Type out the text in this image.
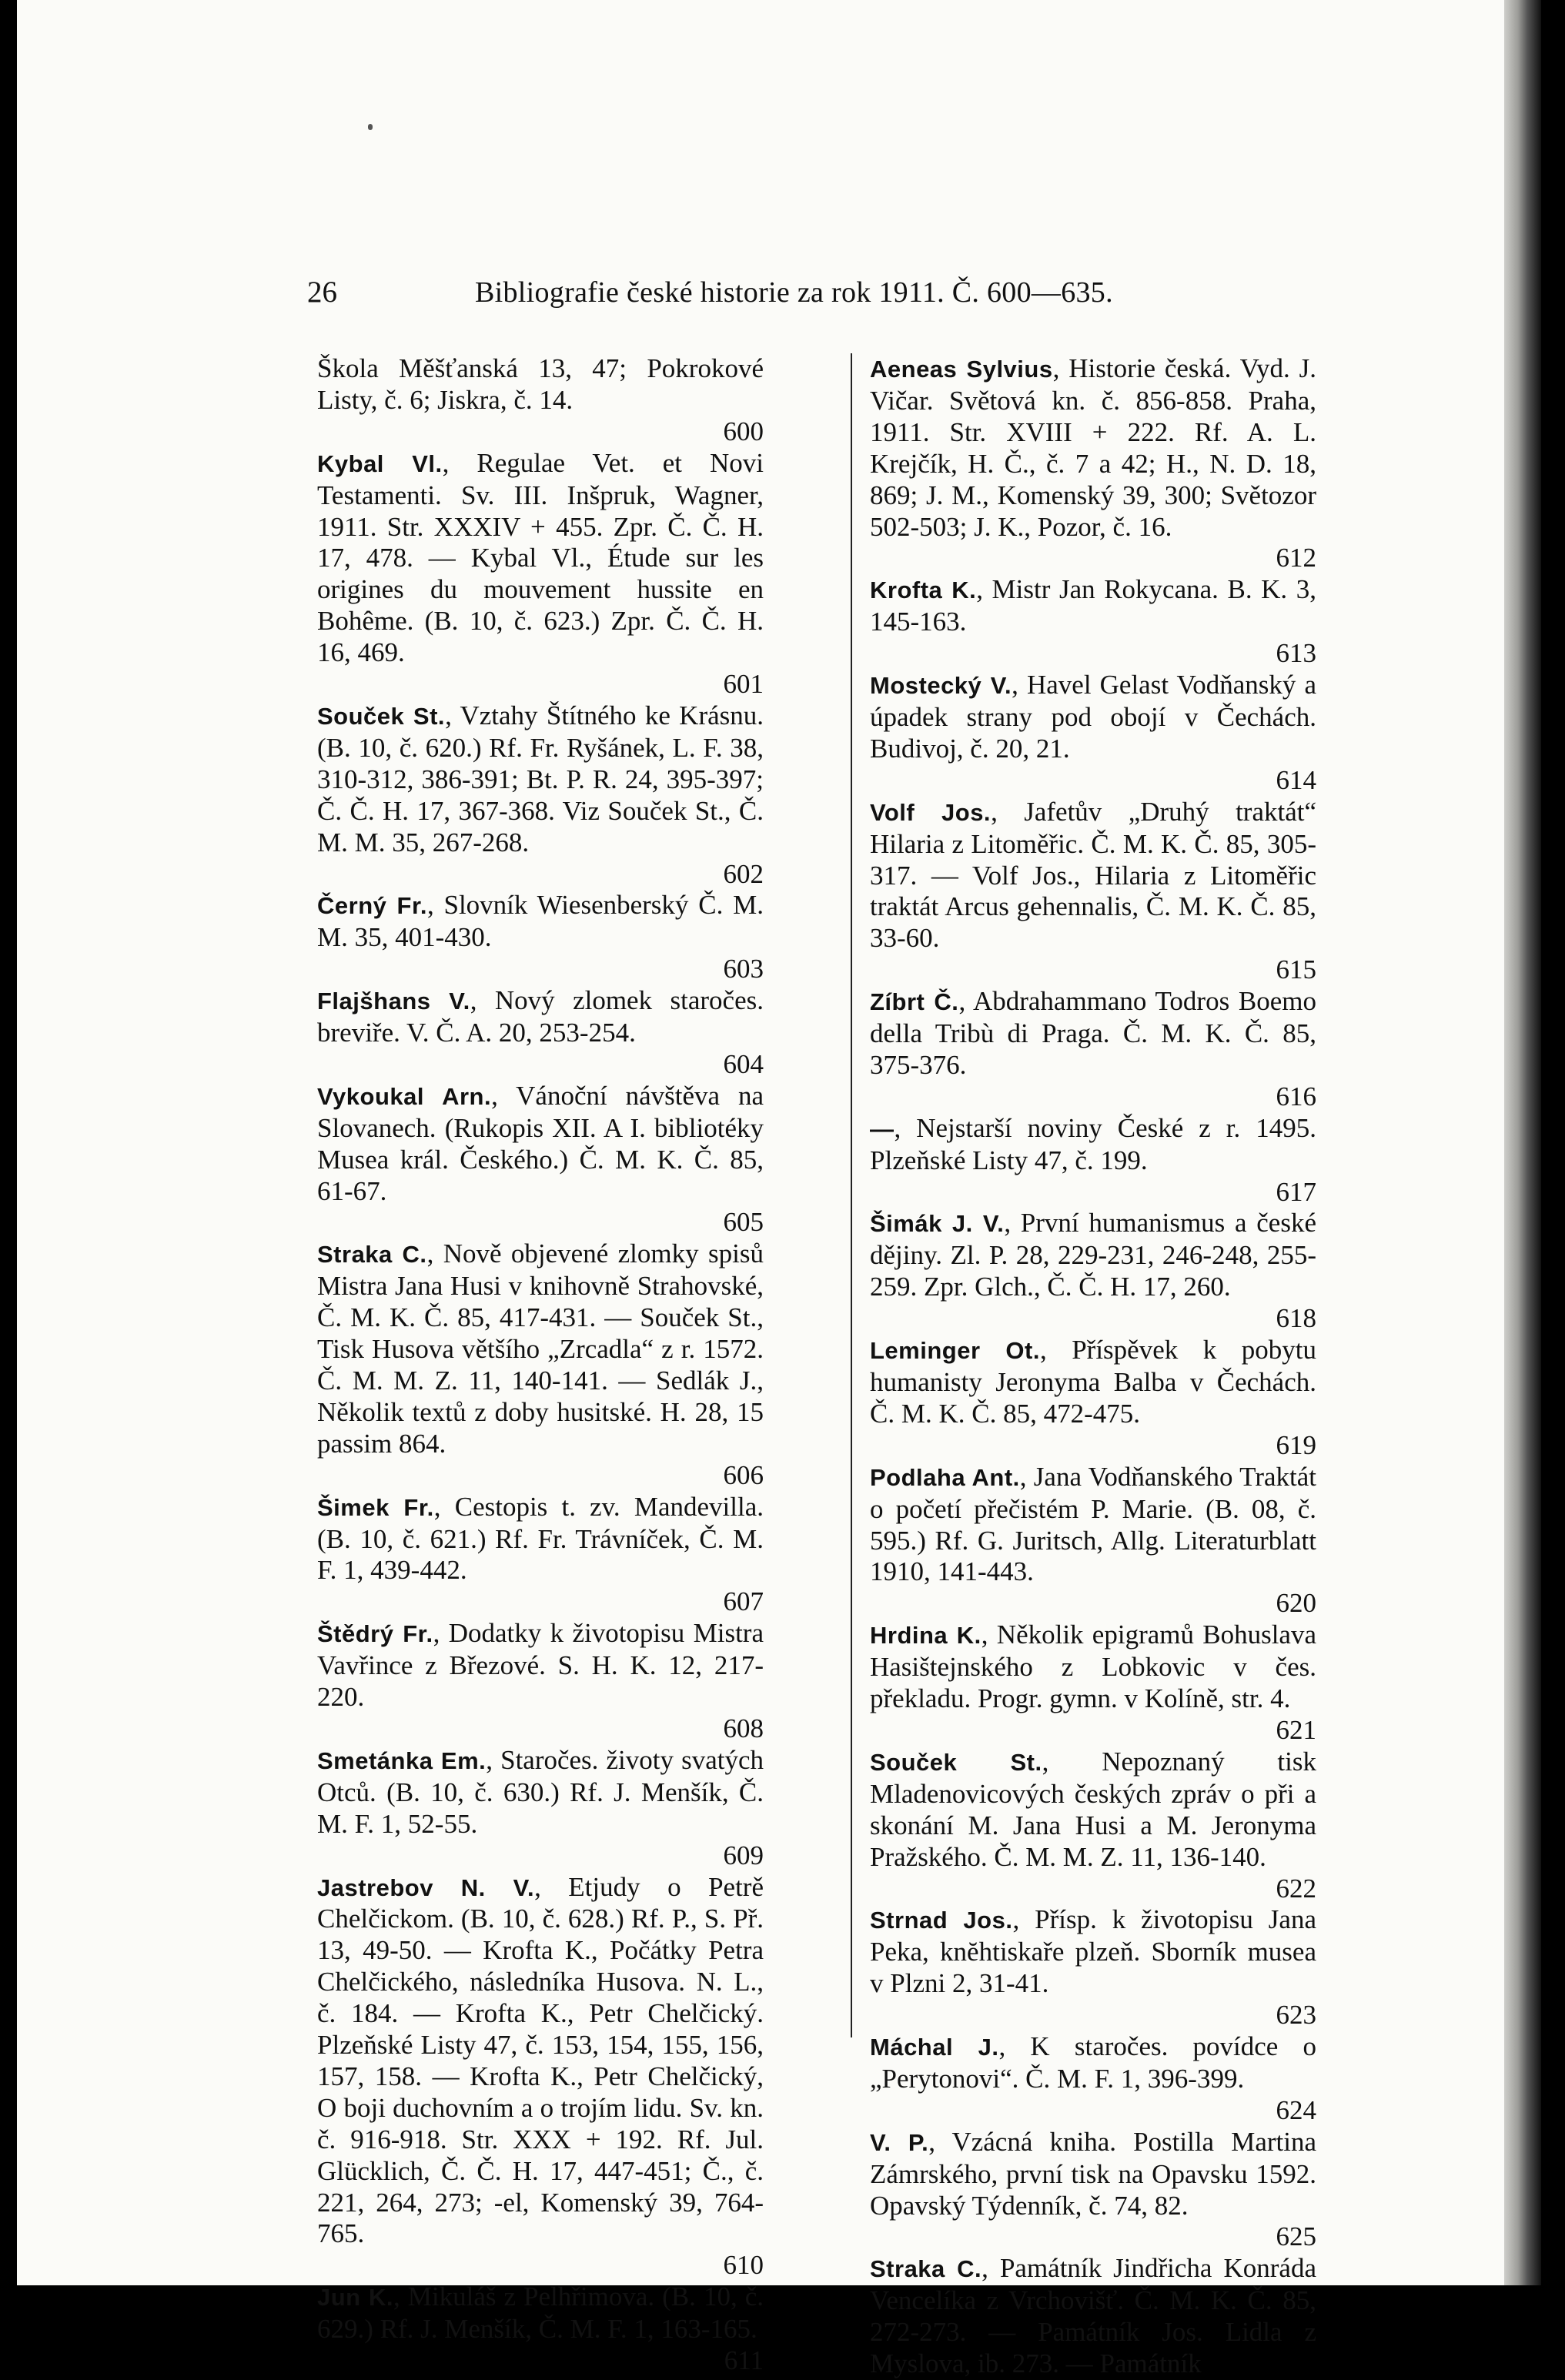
26	Bibliografie české historie za rok 1911. Č. 600—635.

Škola Měšťanská 13, 47; Pokrokové Listy, č. 6; Jiskra, č. 14.
600

Kybal Vl., Regulae Vet. et Novi Testamenti. Sv. III. Inšpruk, Wagner, 1911. Str. XXXIV + 455. Zpr. Č. Č. H. 17, 478. — Kybal Vl., Étude sur les origines du mouvement hussite en Bohême. (B. 10, č. 623.) Zpr. Č. Č. H. 16, 469.
601

Souček St., Vztahy Štítného ke Krásnu. (B. 10, č. 620.) Rf. Fr. Ryšánek, L. F. 38, 310-312, 386-391; Bt. P. R. 24, 395-397; Č. Č. H. 17, 367-368. Viz Souček St., Č. M. M. 35, 267-268.
602

Černý Fr., Slovník Wiesenberský Č. M. M. 35, 401-430.
603

Flajšhans V., Nový zlomek staročes. breviře. V. Č. A. 20, 253-254.
604

Vykoukal Arn., Vánoční návštěva na Slovanech. (Rukopis XII. A I. bibliotéky Musea král. Českého.) Č. M. K. Č. 85, 61-67.
605

Straka C., Nově objevené zlomky spisů Mistra Jana Husi v knihovně Strahovské, Č. M. K. Č. 85, 417-431. — Souček St., Tisk Husova většího „Zrcadla“ z r. 1572. Č. M. M. Z. 11, 140-141. — Sedlák J., Několik textů z doby husitské. H. 28, 15 passim 864.
606

Šimek Fr., Cestopis t. zv. Mandevilla. (B. 10, č. 621.) Rf. Fr. Trávníček, Č. M. F. 1, 439-442.
607

Štědrý Fr., Dodatky k životopisu Mistra Vavřince z Březové. S. H. K. 12, 217-220.
608

Smetánka Em., Staročes. životy svatých Otců. (B. 10, č. 630.) Rf. J. Menšík, Č. M. F. 1, 52-55.
609

Jastrebov N. V., Etjudy o Petrě Chelčickom. (B. 10, č. 628.) Rf. P., S. Př. 13, 49-50. — Krofta K., Počátky Petra Chelčického, následníka Husova. N. L., č. 184. — Krofta K., Petr Chelčický. Plzeňské Listy 47, č. 153, 154, 155, 156, 157, 158. — Krofta K., Petr Chelčický, O boji duchovním a o trojím lidu. Sv. kn. č. 916-918. Str. XXX + 192. Rf. Jul. Glücklich, Č. Č. H. 17, 447-451; Č., č. 221, 264, 273; -el, Komenský 39, 764-765.
610

Jun K., Mikuláš z Pelhřimova. (B. 10, č. 629.) Rf. J. Menšík, Č. M. F. 1, 163-165.
611

Aeneas Sylvius, Historie česká. Vyd. J. Vičar. Světová kn. č. 856-858. Praha, 1911. Str. XVIII + 222. Rf. A. L. Krejčík, H. Č., č. 7 a 42; H., N. D. 18, 869; J. M., Komenský 39, 300; Světozor 502-503; J. K., Pozor, č. 16.
612

Krofta K., Mistr Jan Rokycana. B. K. 3, 145-163.
613

Mostecký V., Havel Gelast Vodňanský a úpadek strany pod obojí v Čechách. Budivoj, č. 20, 21.
614

Volf Jos., Jafetův „Druhý traktát“ Hilaria z Litoměřic. Č. M. K. Č. 85, 305-317. — Volf Jos., Hilaria z Litoměřic traktát Arcus gehennalis, Č. M. K. Č. 85, 33-60.
615

Zíbrt Č., Abdrahammano Todros Boemo della Tribù di Praga. Č. M. K. Č. 85, 375-376.
616

—, Nejstarší noviny České z r. 1495. Plzeňské Listy 47, č. 199.
617

Šimák J. V., První humanismus a české dějiny. Zl. P. 28, 229-231, 246-248, 255-259. Zpr. Glch., Č. Č. H. 17, 260.
618

Leminger Ot., Příspěvek k pobytu humanisty Jeronyma Balba v Čechách. Č. M. K. Č. 85, 472-475.
619

Podlaha Ant., Jana Vodňanského Traktát o početí přečistém P. Marie. (B. 08, č. 595.) Rf. G. Juritsch, Allg. Literaturblatt 1910, 141-443.
620

Hrdina K., Několik epigramů Bohuslava Hasištejnského z Lobkovic v čes. překladu. Progr. gymn. v Kolíně, str. 4.
621

Souček St., Nepoznaný tisk Mladenovicových českých zpráv o při a skonání M. Jana Husi a M. Jeronyma Pražského. Č. M. M. Z. 11, 136-140.
622

Strnad Jos., Přísp. k životopisu Jana Peka, knĕhtiskaře plzeň. Sborník musea v Plzni 2, 31-41.
623

Máchal J., K staročes. povídce o „Perytonovi“. Č. M. F. 1, 396-399.
624

V. P., Vzácná kniha. Postilla Martina Zámrského, první tisk na Opavsku 1592. Opavský Týdenník, č. 74, 82.
625

Straka C., Památník Jindřicha Konráda Vencelíka z Vrchovišť. Č. M. K. Č. 85, 272-273. — Památník Jos. Lidla z Myslova, ib. 273. — Památník
